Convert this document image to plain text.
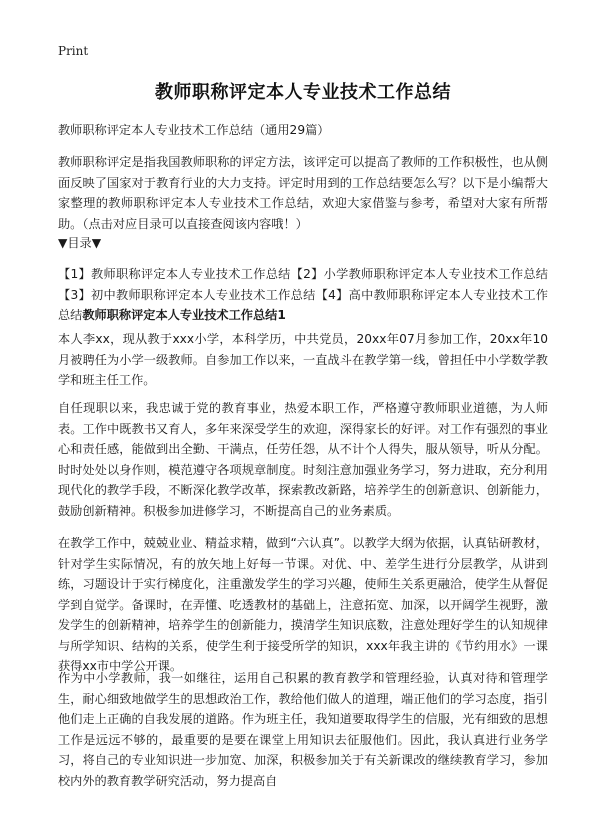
Print
教师职称评定本人专业技术工作总结
教师职称评定本人专业技术工作总结（通用29篇）
教师职称评定是指我国教师职称的评定方法，该评定可以提高了教师的工作积极性，也从侧面反映了国家对于教育行业的大力支持。评定时用到的工作总结要怎么写？以下是小编帮大家整理的教师职称评定本人专业技术工作总结，欢迎大家借鉴与参考，希望对大家有所帮助。（点击对应目录可以直接查阅该内容哦！）
▼目录▼
【1】教师职称评定本人专业技术工作总结【2】小学教师职称评定本人专业技术工作总结【3】初中教师职称评定本人专业技术工作总结【4】高中教师职称评定本人专业技术工作总结教师职称评定本人专业技术工作总结1
本人李xx，现从教于xxx小学，本科学历，中共党员，20xx年07月参加工作，20xx年10月被聘任为小学一级教师。自参加工作以来，一直战斗在教学第一线，曾担任中小学数学教学和班主任工作。
自任现职以来，我忠诚于党的教育事业，热爱本职工作，严格遵守教师职业道德，为人师表。工作中既教书又育人，多年来深受学生的欢迎，深得家长的好评。对工作有强烈的事业心和责任感，能做到出全勤、干满点，任劳任怨，从不计个人得失，服从领导，听从分配。时时处处以身作则，模范遵守各项规章制度。时刻注意加强业务学习，努力进取，充分利用现代化的教学手段，不断深化教学改革，探索教改新路，培养学生的创新意识、创新能力，鼓励创新精神。积极参加进修学习，不断提高自己的业务素质。
在教学工作中，兢兢业业、精益求精，做到“六认真”。以教学大纲为依据，认真钻研教材，针对学生实际情况，有的放矢地上好每一节课。对优、中、差学生进行分层教学，从讲到练，习题设计于实行梯度化，注重激发学生的学习兴趣，使师生关系更融洽，使学生从督促学到自觉学。备课时，在弄懂、吃透教材的基础上，注意拓宽、加深，以开阔学生视野，激发学生的创新精神，培养学生的创新能力，摸清学生知识底数，注意处理好学生的认知规律与所学知识、结构的关系，使学生利于接受所学的知识，xxx年我主讲的《节约用水》一课获得xx市中学公开课。
作为中小学教师，我一如继往，运用自己积累的教育教学和管理经验，认真对待和管理学生，耐心细致地做学生的思想政治工作，教给他们做人的道理，端正他们的学习态度，指引他们走上正确的自我发展的道路。作为班主任，我知道要取得学生的信服，光有细致的思想工作是远远不够的，最重要的是要在课堂上用知识去征服他们。因此，我认真进行业务学习，将自己的专业知识进一步加宽、加深，积极参加关于有关新课改的继续教育学习，参加校内外的教育教学研究活动，努力提高自
